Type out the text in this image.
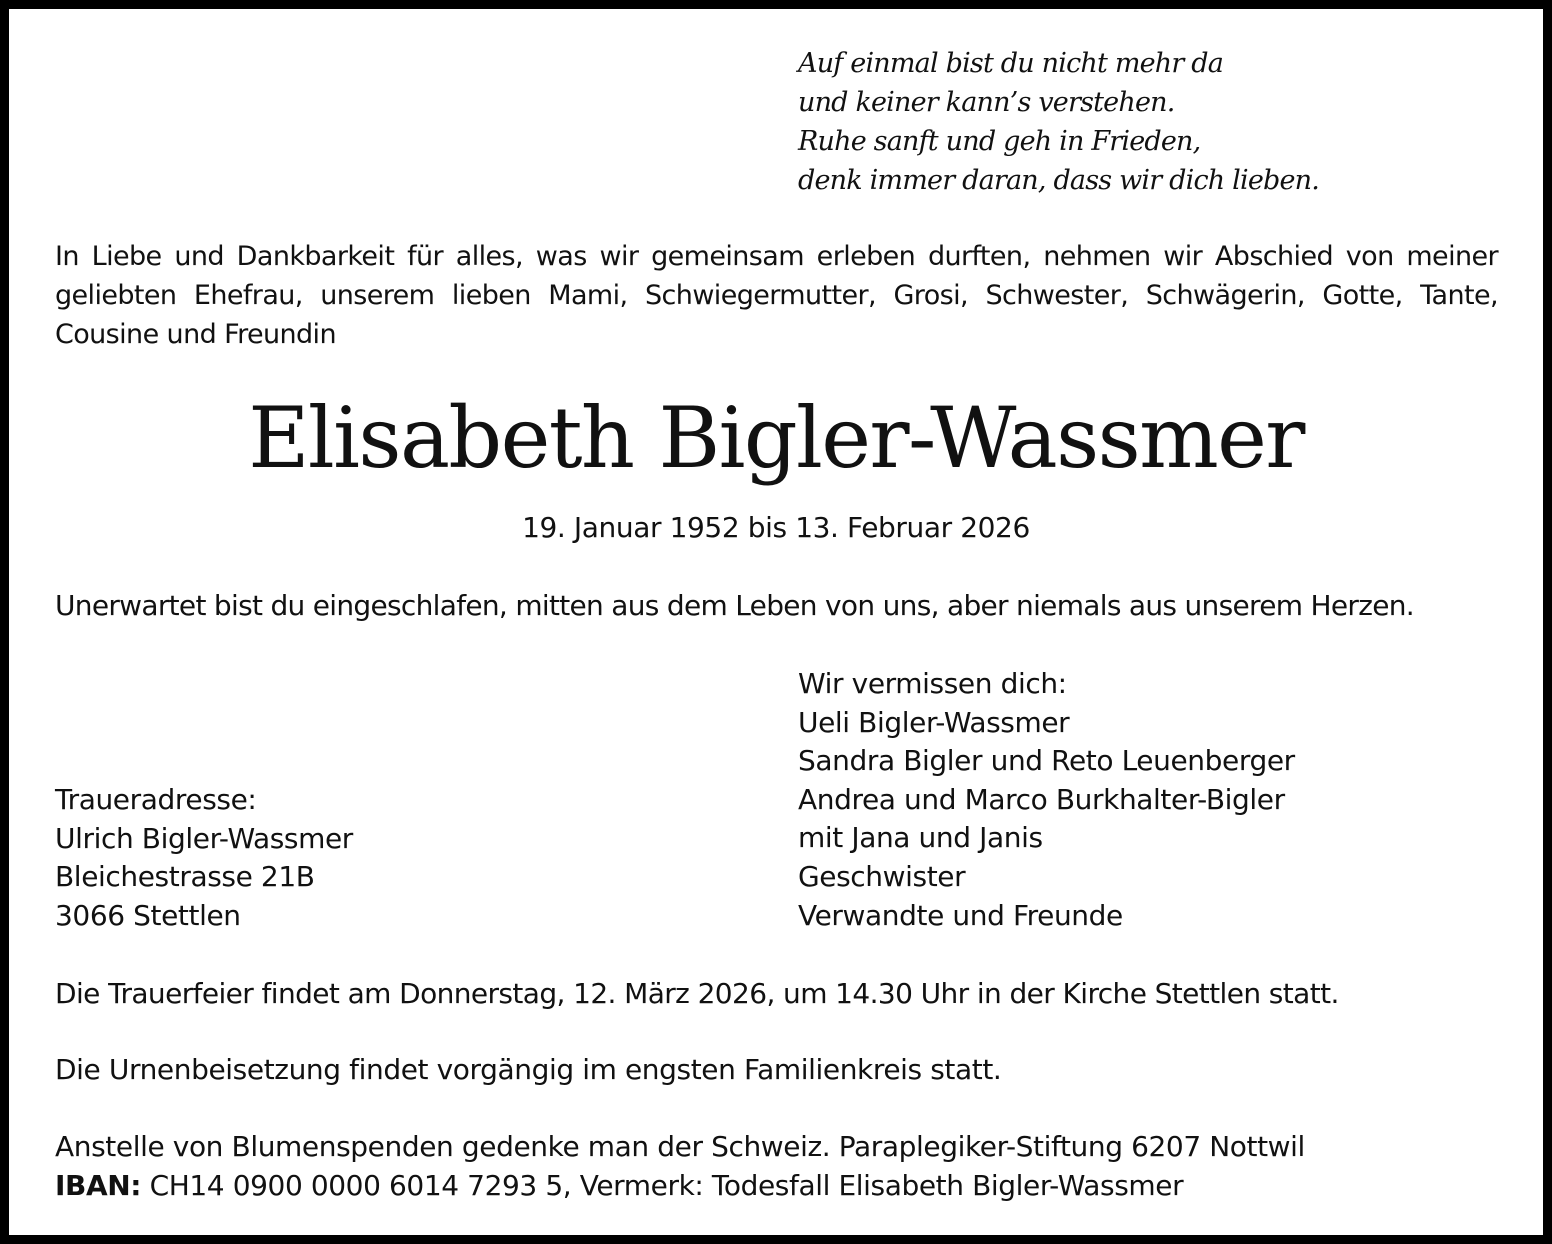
Auf einmal bist du nicht mehr da
und keiner kann’s verstehen.
Ruhe sanft und geh in Frieden,
denk immer daran, dass wir dich lieben.
In Liebe und Dankbarkeit für alles, was wir gemeinsam erleben durften, nehmen wir Abschied von meiner geliebten Ehefrau, unserem lieben Mami, Schwiegermutter, Grosi, Schwester, Schwägerin, Gotte, Tante, Cousine und Freundin
Elisabeth Bigler-Wassmer
19. Januar 1952 bis 13. Februar 2026
Unerwartet bist du eingeschlafen, mitten aus dem Leben von uns, aber niemals aus unserem Herzen.
Wir vermissen dich:
Ueli Bigler-Wassmer
Sandra Bigler und Reto Leuenberger
Andrea und Marco Burkhalter-Bigler
mit Jana und Janis
Geschwister
Verwandte und Freunde
Traueradresse:
Ulrich Bigler-Wassmer
Bleichestrasse 21B
3066 Stettlen
Die Trauerfeier findet am Donnerstag, 12. März 2026, um 14.30 Uhr in der Kirche Stettlen statt.
Die Urnenbeisetzung findet vorgängig im engsten Familienkreis statt.
Anstelle von Blumenspenden gedenke man der Schweiz. Paraplegiker-Stiftung 6207 Nottwil
IBAN: CH14 0900 0000 6014 7293 5, Vermerk: Todesfall Elisabeth Bigler-Wassmer
